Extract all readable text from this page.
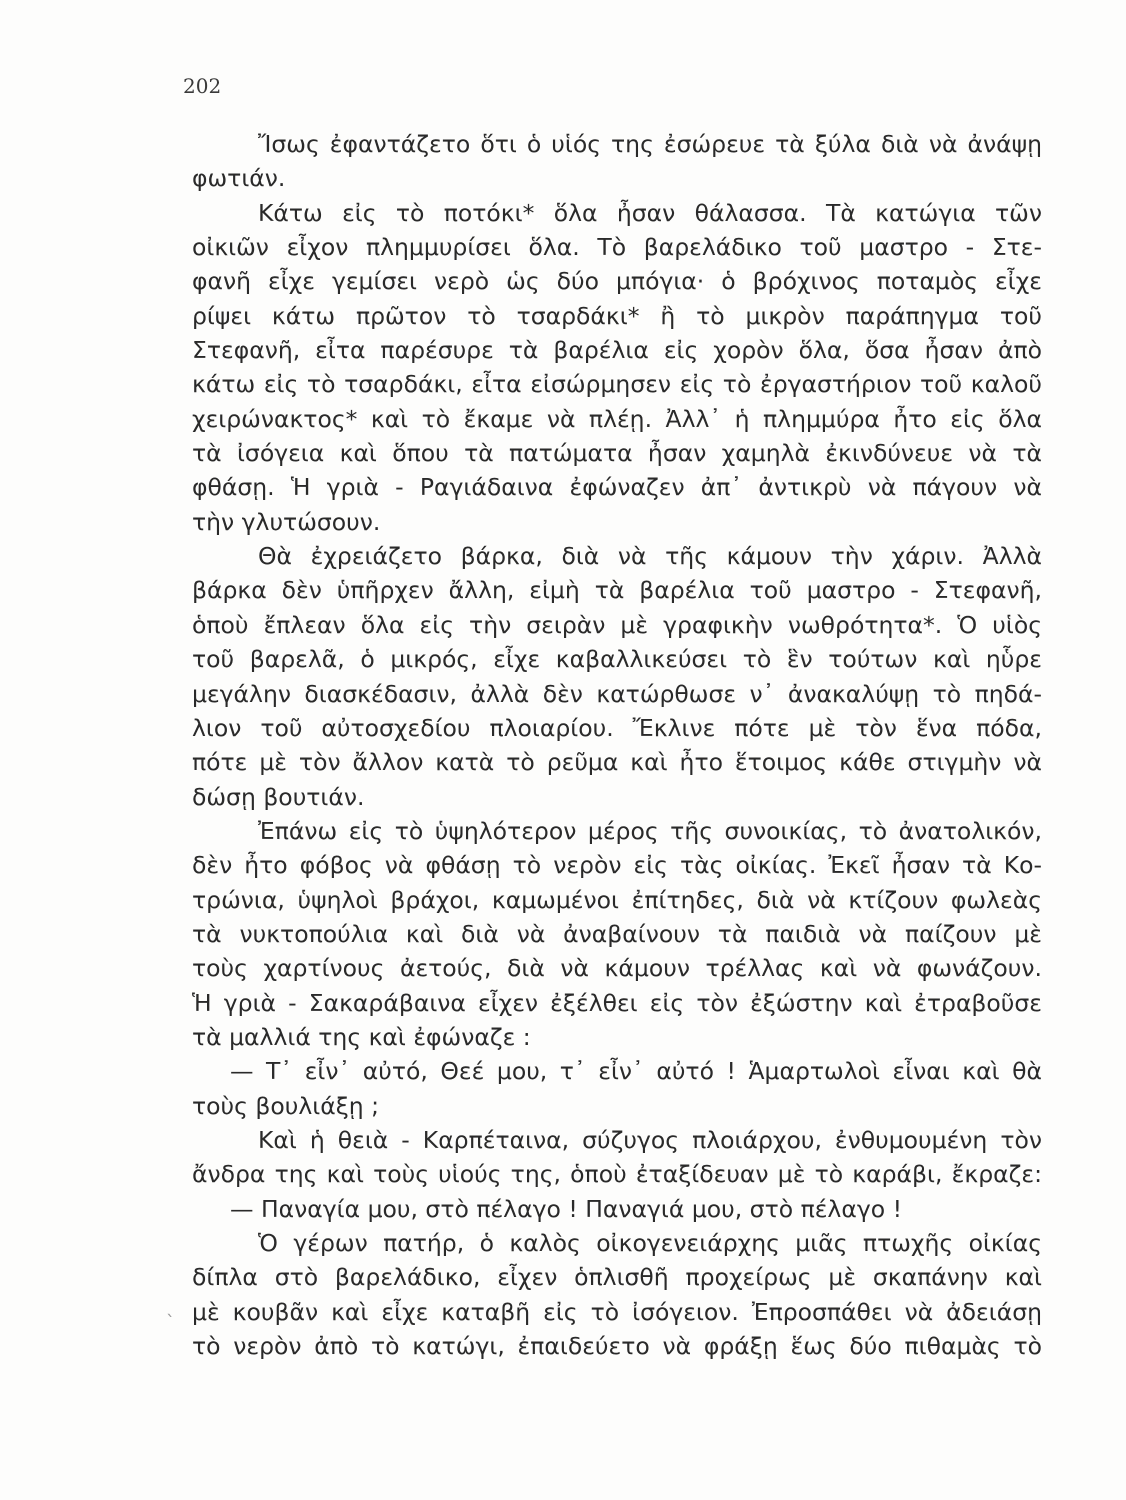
202
Ἴσως ἐφαντάζετο ὅτι ὁ υἱός της ἐσώρευε τὰ ξύλα διὰ νὰ ἀνάψῃ
φωτιάν.
Κάτω εἰς τὸ ποτόκι* ὅλα ἦσαν θάλασσα. Τὰ κατώγια τῶν
οἰκιῶν εἶχον πλημμυρίσει ὅλα. Τὸ βαρελάδικο τοῦ μαστρο - Στε-
φανῆ εἶχε γεμίσει νερὸ ὡς δύο μπόγια· ὁ βρόχινος ποταμὸς εἶχε
ρίψει κάτω πρῶτον τὸ τσαρδάκι* ἢ τὸ μικρὸν παράπηγμα τοῦ
Στεφανῆ, εἶτα παρέσυρε τὰ βαρέλια εἰς χορὸν ὅλα, ὅσα ἦσαν ἀπὸ
κάτω εἰς τὸ τσαρδάκι, εἶτα εἰσώρμησεν εἰς τὸ ἐργαστήριον τοῦ καλοῦ
χειρώνακτος* καὶ τὸ ἔκαμε νὰ πλέῃ. Ἀλλ᾽ ἡ πλημμύρα ἦτο εἰς ὅλα
τὰ ἰσόγεια καὶ ὅπου τὰ πατώματα ἦσαν χαμηλὰ ἐκινδύνευε νὰ τὰ
φθάσῃ. Ἡ γριὰ - Ραγιάδαινα ἐφώναζεν ἀπ᾽ ἀντικρὺ νὰ πάγουν νὰ
τὴν γλυτώσουν.
Θὰ ἐχρειάζετο βάρκα, διὰ νὰ τῆς κάμουν τὴν χάριν. Ἀλλὰ
βάρκα δὲν ὑπῆρχεν ἄλλη, εἰμὴ τὰ βαρέλια τοῦ μαστρο - Στεφανῆ,
ὁποὺ ἔπλεαν ὅλα εἰς τὴν σειρὰν μὲ γραφικὴν νωθρότητα*. Ὁ υἱὸς
τοῦ βαρελᾶ, ὁ μικρός, εἶχε καβαλλικεύσει τὸ ἓν τούτων καὶ ηὗρε
μεγάλην διασκέδασιν, ἀλλὰ δὲν κατώρθωσε ν᾽ ἀνακαλύψῃ τὸ πηδά-
λιον τοῦ αὐτοσχεδίου πλοιαρίου. Ἔκλινε πότε μὲ τὸν ἕνα πόδα,
πότε μὲ τὸν ἄλλον κατὰ τὸ ρεῦμα καὶ ἦτο ἕτοιμος κάθε στιγμὴν νὰ
δώσῃ βουτιάν.
Ἐπάνω εἰς τὸ ὑψηλότερον μέρος τῆς συνοικίας, τὸ ἀνατολικόν,
δὲν ἦτο φόβος νὰ φθάσῃ τὸ νερὸν εἰς τὰς οἰκίας. Ἐκεῖ ἦσαν τὰ Κο-
τρώνια, ὑψηλοὶ βράχοι, καμωμένοι ἐπίτηδες, διὰ νὰ κτίζουν φωλεὰς
τὰ νυκτοπούλια καὶ διὰ νὰ ἀναβαίνουν τὰ παιδιὰ νὰ παίζουν μὲ
τοὺς χαρτίνους ἀετούς, διὰ νὰ κάμουν τρέλλας καὶ νὰ φωνάζουν.
Ἡ γριὰ - Σακαράβαινα εἶχεν ἐξέλθει εἰς τὸν ἐξώστην καὶ ἐτραβοῦσε
τὰ μαλλιά της καὶ ἐφώναζε :
— Τ᾽ εἶν᾽ αὐτό, Θεέ μου, τ᾽ εἶν᾽ αὐτό ! Ἁμαρτωλοὶ εἶναι καὶ θὰ
τοὺς βουλιάξῃ ;
Καὶ ἡ θειὰ - Καρπέταινα, σύζυγος πλοιάρχου, ἐνθυμουμένη τὸν
ἄνδρα της καὶ τοὺς υἱούς της, ὁποὺ ἐταξίδευαν μὲ τὸ καράβι, ἔκραζε:
— Παναγία μου, στὸ πέλαγο ! Παναγιά μου, στὸ πέλαγο !
Ὁ γέρων πατήρ, ὁ καλὸς οἰκογενειάρχης μιᾶς πτωχῆς οἰκίας
δίπλα στὸ βαρελάδικο, εἶχεν ὁπλισθῆ προχείρως μὲ σκαπάνην καὶ
μὲ κουβᾶν καὶ εἶχε καταβῆ εἰς τὸ ἰσόγειον. Ἐπροσπάθει νὰ ἀδειάσῃ
τὸ νερὸν ἀπὸ τὸ κατώγι, ἐπαιδεύετο νὰ φράξῃ ἕως δύο πιθαμὰς τὸ
ˋ
